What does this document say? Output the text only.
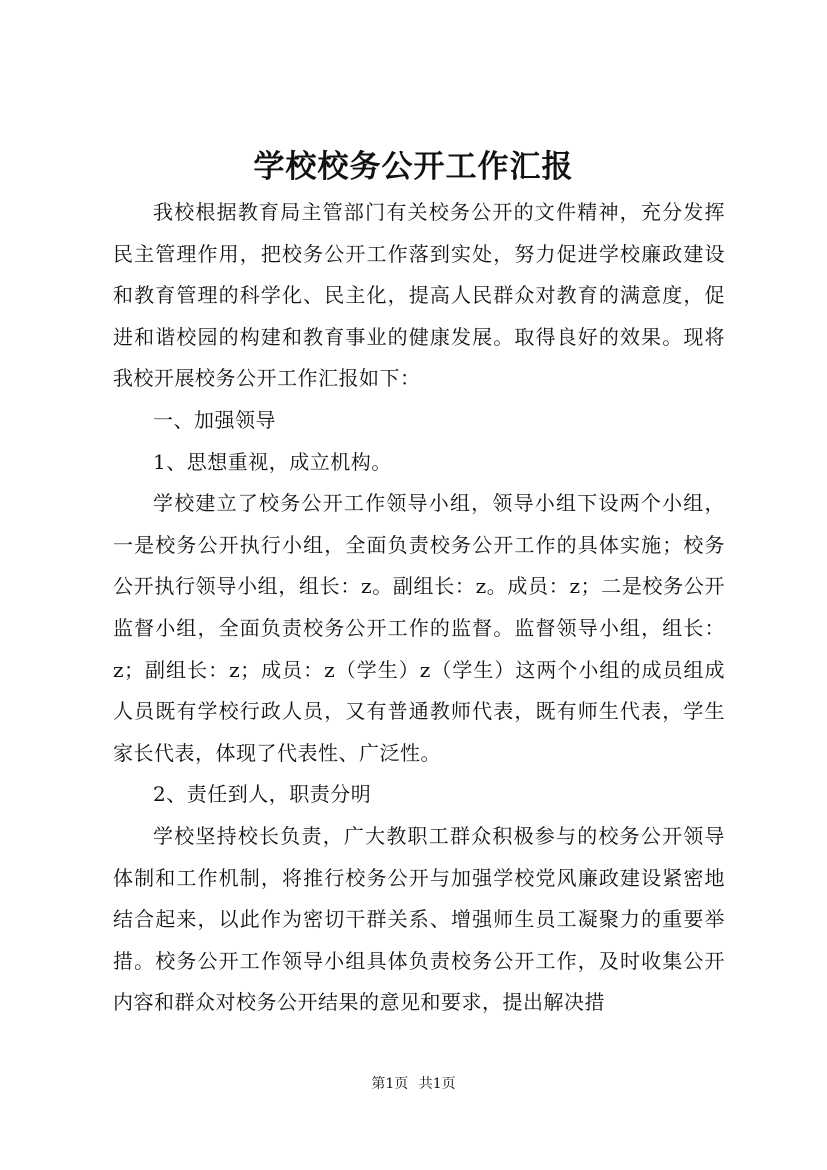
学校校务公开工作汇报

我校根据教育局主管部门有关校务公开的文件精神，充分发挥民主管理作用，把校务公开工作落到实处，努力促进学校廉政建设和教育管理的科学化、民主化，提高人民群众对教育的满意度，促进和谐校园的构建和教育事业的健康发展。取得良好的效果。现将我校开展校务公开工作汇报如下：

一、加强领导

1、思想重视，成立机构。

学校建立了校务公开工作领导小组，领导小组下设两个小组，一是校务公开执行小组，全面负责校务公开工作的具体实施；校务公开执行领导小组，组长：z。副组长：z。成员：z；二是校务公开监督小组，全面负责校务公开工作的监督。监督领导小组，组长：z；副组长：z；成员：z（学生）z（学生）这两个小组的成员组成人员既有学校行政人员，又有普通教师代表，既有师生代表，学生家长代表，体现了代表性、广泛性。

2、责任到人，职责分明

学校坚持校长负责，广大教职工群众积极参与的校务公开领导体制和工作机制，将推行校务公开与加强学校党风廉政建设紧密地结合起来，以此作为密切干群关系、增强师生员工凝聚力的重要举措。校务公开工作领导小组具体负责校务公开工作，及时收集公开内容和群众对校务公开结果的意见和要求，提出解决措

第1页 共1页
